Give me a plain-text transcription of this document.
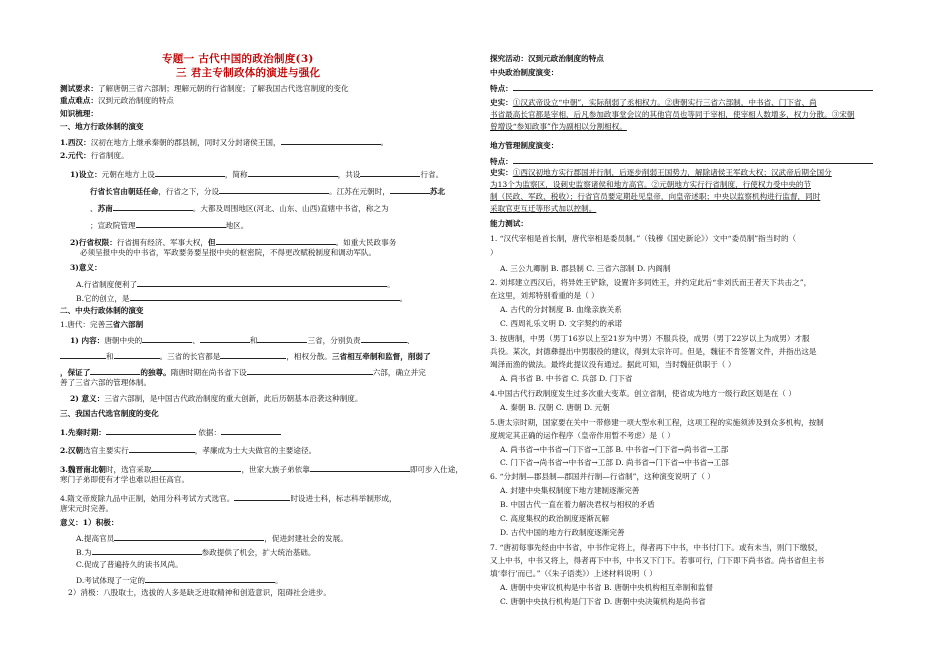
专题一 古代中国的政治制度(3)
三 君主专制政体的演进与强化
测试要求：了解唐朝三省六部制；理解元朝的行省制度；了解我国古代选官制度的变化
重点难点：汉到元政治制度的特点
知识梳理：
一、地方行政体制的演变
1.西汉：汉初在地方上继承秦朝的郡县制，同时又分封诸侯王国，	。
2.元代：行省制度。
1)设立：元朝在地方上设	，简称	，共设	行省。
行省长官由朝廷任命，行省之下，分设	。江苏在元朝时，	苏北
、苏南	。大都及周围地区(河北、山东、山西)直辖中书省，称之为
；宣政院管理	地区。
2)行省权限：行省拥有经济、军事大权，但	。如重大民政事务
必须呈报中央的中书省，军政要务要呈报中央的枢密院，不得更改赋税制度和调动军队。
3)意义：
A.行省制度便利了	。
B.它的创立，是	。
二、中央行政体制的演变
1.唐代：完善三省六部制
1) 内容：唐朝中央的	、	和	三省，分别负责	、
和	。三省的长官都是	，相权分散。三省相互牵制和监督，削弱了
，保证了	的独尊。隋唐时期在尚书省下设	六部，确立并完
善了三省六部的管理体制。
2) 意义：三省六部制，是中国古代政治制度的重大创新，此后历朝基本沿袭这种制度。
三、我国古代选官制度的变化
1.先秦时期：	依据：
2.汉朝选官主要实行	，孝廉成为士大夫做官的主要途径。
3.魏晋南北朝时，选官采取	，世家大族子弟依靠	即可步入仕途，
寒门子弟即使有才学也难以担任高官。
4.隋文帝废除九品中正制，始用分科考试方式选官。	时设进士科，标志科举制形成，
唐宋元时完善。
意义：1）积极：
A.提高官员	，促进封建社会的发展。
B.为	参政提供了机会，扩大统治基础。
C.促成了普遍持久的读书风尚。
D.考试体现了一定的	。
2）消极：八股取士，选拔的人多是缺乏进取精神和创造意识，阻碍社会进步。
探究活动：汉到元政治制度的特点
中央政治制度演变：
特点：
史实：①汉武帝设立“中朝”，实际削弱了丞相权力。②唐朝实行三省六部制，中书省、门下省、尚
书省最高长官都是宰相，后凡参加政事堂会议的其他官员也等同于宰相，使宰相人数增多，权力分散。③宋朝
曾增设“参知政事”作为副相以分割相权。
地方管理制度演变：
特点：
史实：①西汉初地方实行郡国并行制，后逐步削弱王国势力，解除诸侯王军政大权；汉武帝后期全国分
为13个为监察区，设刺史监察诸侯和地方高官。②元朝地方实行行省制度，行使权力受中央的节
制（民政、军政、税收）；行省官员要定期赴见皇帝，向皇帝述职；中央以监察机构进行监督，同时
采取官吏互迁等形式加以控制。
能力测试：
1. “汉代宰相是首长制，唐代宰相是委员制。”（钱穆《国史新论》）文中“委员制”指当时的（
）
A. 三公九卿制 B. 郡县制 C. 三省六部制 D. 内阁制
2. 刘邦建立西汉后，将异姓王铲除，设置许多同姓王，并约定此后“非刘氏而王者天下共击之”，
在这里，刘邦特别看重的是（ ）
A. 古代的分封制度 B. 血缘亲族关系
C. 西周礼乐文明 D. 文字契约的承诺
3. 按唐制，中男（男丁16岁以上至21岁为中男）不服兵役，成男（男丁22岁以上为成男）才服
兵役。某次，封德彝提出中男服役的建议，得到太宗许可。但是，魏征不肯签署文件，并指出这是
竭泽而渔的做法。最终此提议没有通过。据此可知，当时魏征供职于（ ）
A. 尚书省 B. 中书省 C. 兵部 D. 门下省
4.中国古代行政制度发生过多次重大变革。创立省制，使省成为地方一级行政区划是在（ ）
A. 秦朝 B. 汉朝 C. 唐朝 D. 元朝
5.唐太宗时期，国家要在关中一带修建一项大型水利工程，这项工程的实施须涉及到众多机构，按制
度规定其正确的运作程序（皇帝作用暂不考虑）是（ ）
A. 尚书省→中书省→门下省→工部 B. 中书省→门下省→尚书省→工部
C. 门下省→尚书省→中书省→工部 D. 尚书省→门下省→中书省→工部
6. “分封制—郡县制—郡国并行制—行省制”，这种演变说明了（ ）
A. 封建中央集权制度下地方建制逐渐完善
B. 中国古代一直在着力解决君权与相权的矛盾
C. 高度集权的政治制度逐渐瓦解
D. 古代中国的地方行政制度逐渐完善
7. “唐初每事先经由中书省，中书作定将上，得者再下中书，中书付门下。或有未当，则门下缴驳，
又上中书，中书又将上，得者再下中书，中书又下门下。若事可行，门下即下尚书省。尚书省但主书
填‘奉行’而已。”（《朱子语类》）上述材料说明（ ）
A. 唐朝中央审议机构是中书省 B. 唐朝中央机构相互牵制和监督
C. 唐朝中央执行机构是门下省 D. 唐朝中央决策机构是尚书省
